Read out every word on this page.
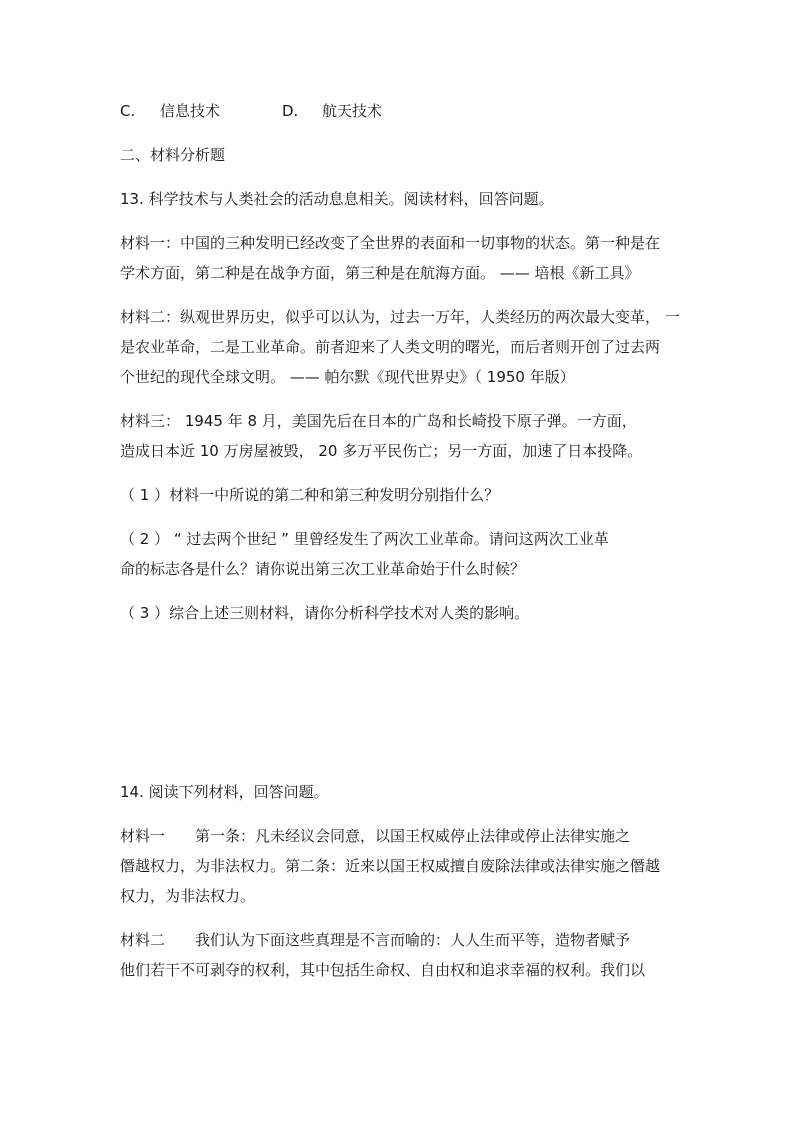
C. 信息技术	D. 航天技术
二、材料分析题
13. 科学技术与人类社会的活动息息相关。阅读材料，回答问题。
材料一：中国的三种发明已经改变了全世界的表面和一切事物的状态。第一种是在
学术方面，第二种是在战争方面，第三种是在航海方面。 —— 培根《新工具》
材料二：纵观世界历史，似乎可以认为，过去一万年，人类经历的两次最大变革， 一
是农业革命，二是工业革命。前者迎来了人类文明的曙光，而后者则开创了过去两
个世纪的现代全球文明。 —— 帕尔默《现代世界史》（ 1950 年版）
材料三： 1945 年 8 月，美国先后在日本的广岛和长崎投下原子弹。一方面，
造成日本近 10 万房屋被毁， 20 多万平民伤亡；另一方面，加速了日本投降。
（ 1 ）材料一中所说的第二种和第三种发明分别指什么？
（ 2 ） “ 过去两个世纪 ” 里曾经发生了两次工业革命。请问这两次工业革
命的标志各是什么？请你说出第三次工业革命始于什么时候？
（ 3 ）综合上述三则材料，请你分析科学技术对人类的影响。
14. 阅读下列材料，回答问题。
材料一　　第一条：凡未经议会同意，以国王权威停止法律或停止法律实施之
僭越权力，为非法权力。第二条：近来以国王权威擅自废除法律或法律实施之僭越
权力，为非法权力。
材料二　　我们认为下面这些真理是不言而喻的：人人生而平等，造物者赋予
他们若干不可剥夺的权利，其中包括生命权、自由权和追求幸福的权利。我们以
